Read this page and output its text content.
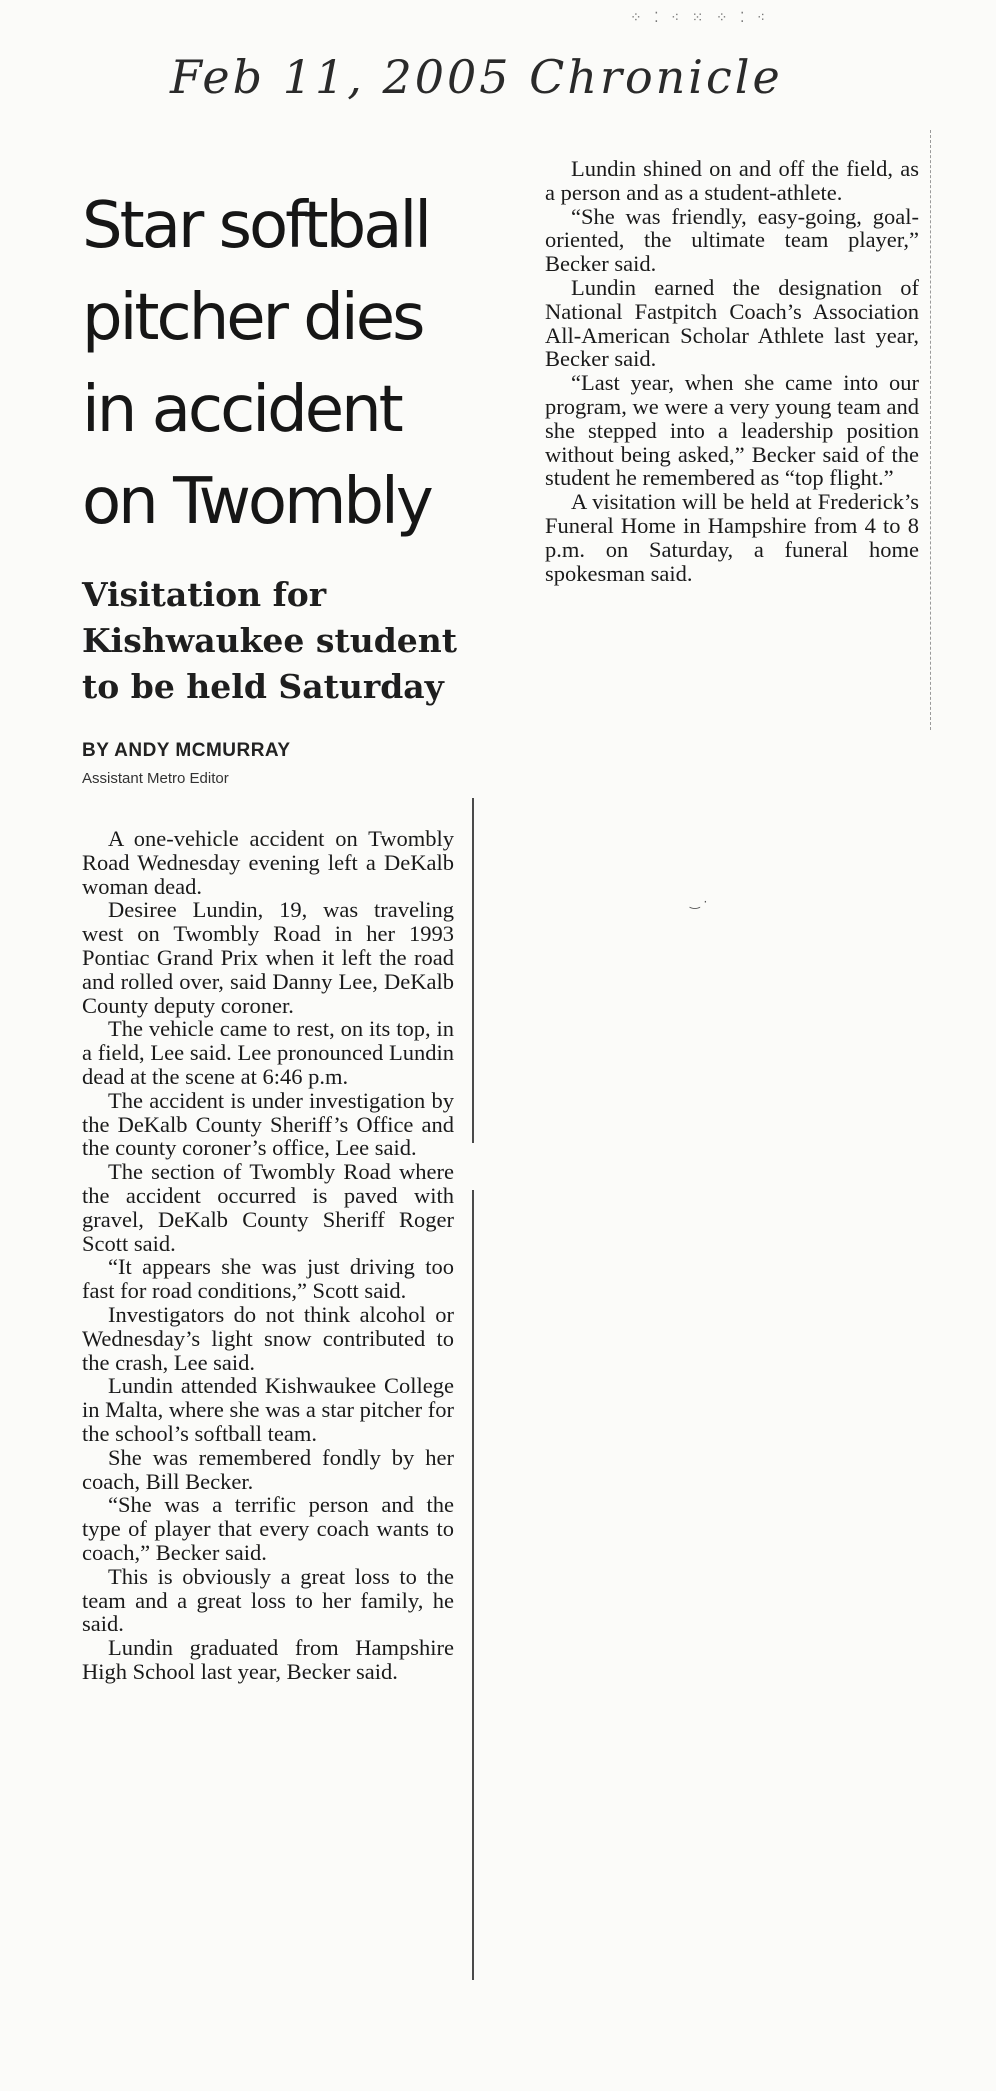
⁘ ⁚ ⁖ ⁙ ⁘ ⁚ ⁖
Feb 11, 2005 Chronicle
Star softball pitcher dies in accident on Twombly
Visitation for Kishwaukee student to be held Saturday
BY ANDY MCMURRAY
Assistant Metro Editor

A one-vehicle accident on Twombly Road Wednesday evening left a DeKalb woman dead.

Desiree Lundin, 19, was traveling west on Twombly Road in her 1993 Pontiac Grand Prix when it left the road and rolled over, said Danny Lee, DeKalb County deputy coroner.

The vehicle came to rest, on its top, in a field, Lee said. Lee pronounced Lundin dead at the scene at 6:46 p.m.

The accident is under investigation by the DeKalb County Sheriff’s Office and the county coroner’s office, Lee said.

The section of Twombly Road where the accident occurred is paved with gravel, DeKalb County Sheriff Roger Scott said.

“It appears she was just driving too fast for road conditions,” Scott said.

Investigators do not think alcohol or Wednesday’s light snow contributed to the crash, Lee said.

Lundin attended Kishwaukee College in Malta, where she was a star pitcher for the school’s softball team.

She was remembered fondly by her coach, Bill Becker.

“She was a terrific person and the type of player that every coach wants to coach,” Becker said.

This is obviously a great loss to the team and a great loss to her family, he said.

Lundin graduated from Hampshire High School last year, Becker said.

Lundin shined on and off the field, as a person and as a student-athlete.

“She was friendly, easy-going, goal-oriented, the ultimate team player,” Becker said.

Lundin earned the designation of National Fastpitch Coach’s Association All-American Scholar Athlete last year, Becker said.

“Last year, when she came into our program, we were a very young team and she stepped into a leadership position without being asked,” Becker said of the student he remembered as “top flight.”

A visitation will be held at Frederick’s Funeral Home in Hampshire from 4 to 8 p.m. on Saturday, a funeral home spokesman said.

‿ ·
